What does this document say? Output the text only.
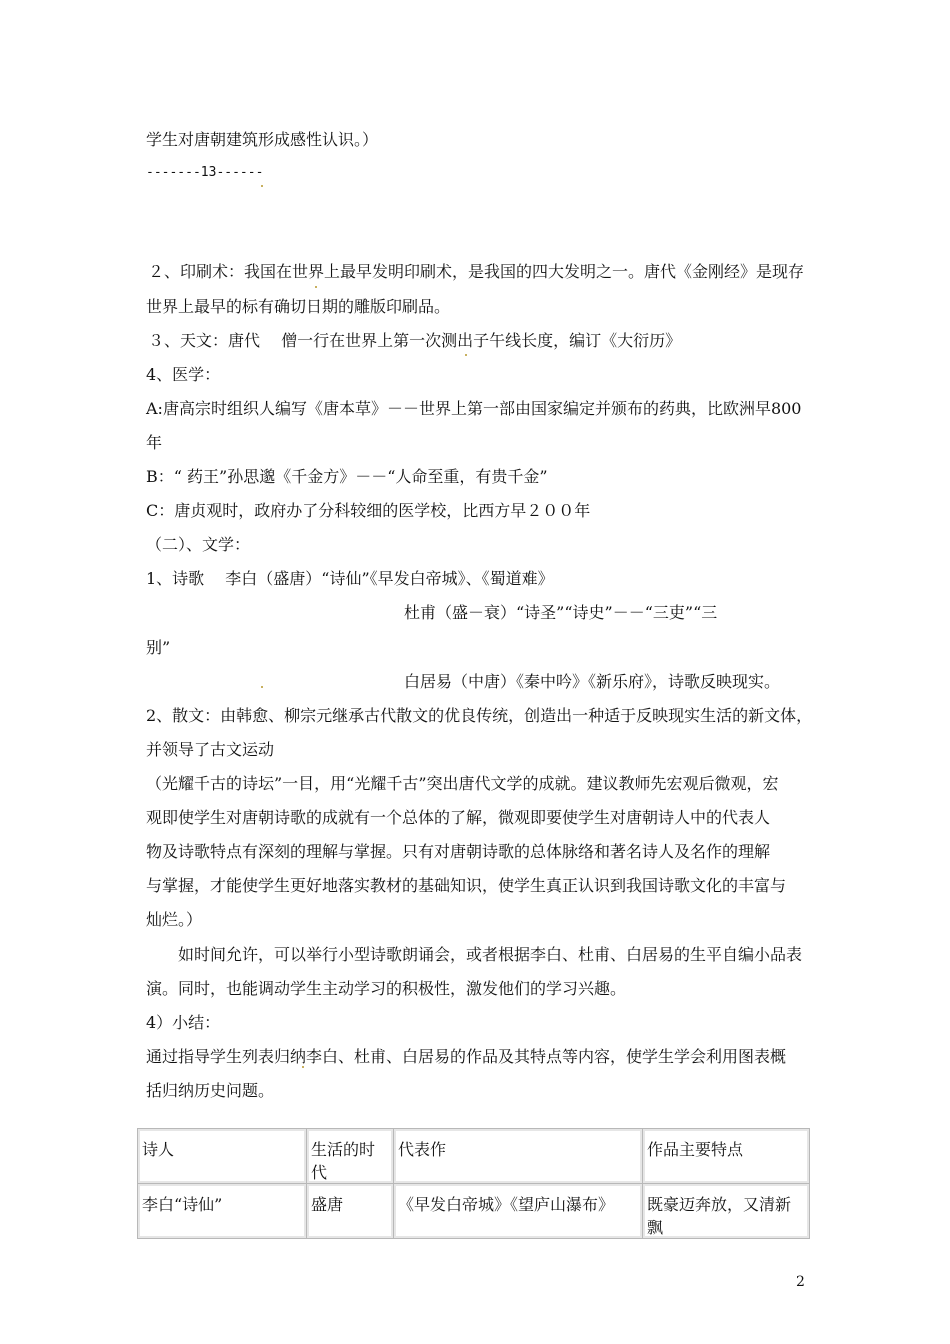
学生对唐朝建筑形成感性认识。）
-------13------
２、印刷术：我国在世界上最早发明印刷术，是我国的四大发明之一。唐代《金刚经》是现存
世界上最早的标有确切日期的雕版印刷品。
３、天文：唐代　 僧一行在世界上第一次测出子午线长度，编订《大衍历》
4、医学：
A:唐高宗时组织人编写《唐本草》－－世界上第一部由国家编定并颁布的药典，比欧洲早800
年
B：“ 药王”孙思邈《千金方》－－“人命至重，有贵千金”
C：唐贞观时，政府办了分科较细的医学校，比西方早２００年
（二）、文学：
1、诗歌　 李白（盛唐）“诗仙”《早发白帝城》、《蜀道难》
杜甫（盛－衰）“诗圣”“诗史”－－“三吏”“三
别”
白居易（中唐）《秦中吟》《新乐府》，诗歌反映现实。
2、散文：由韩愈、柳宗元继承古代散文的优良传统，创造出一种适于反映现实生活的新文体，
并领导了古文运动
（光耀千古的诗坛”一目，用“光耀千古”突出唐代文学的成就。建议教师先宏观后微观，宏
观即使学生对唐朝诗歌的成就有一个总体的了解，微观即要使学生对唐朝诗人中的代表人
物及诗歌特点有深刻的理解与掌握。只有对唐朝诗歌的总体脉络和著名诗人及名作的理解
与掌握，才能使学生更好地落实教材的基础知识，使学生真正认识到我国诗歌文化的丰富与
灿烂。）
如时间允许，可以举行小型诗歌朗诵会，或者根据李白、杜甫、白居易的生平自编小品表
演。同时，也能调动学生主动学习的积极性，激发他们的学习兴趣。
4）小结：
通过指导学生列表归纳李白、杜甫、白居易的作品及其特点等内容，使学生学会利用图表概
括归纳历史问题。
诗人	生活的时代	代表作	作品主要特点
李白“诗仙”	盛唐	《早发白帝城》《望庐山瀑布》	既豪迈奔放，又清新飘
2
